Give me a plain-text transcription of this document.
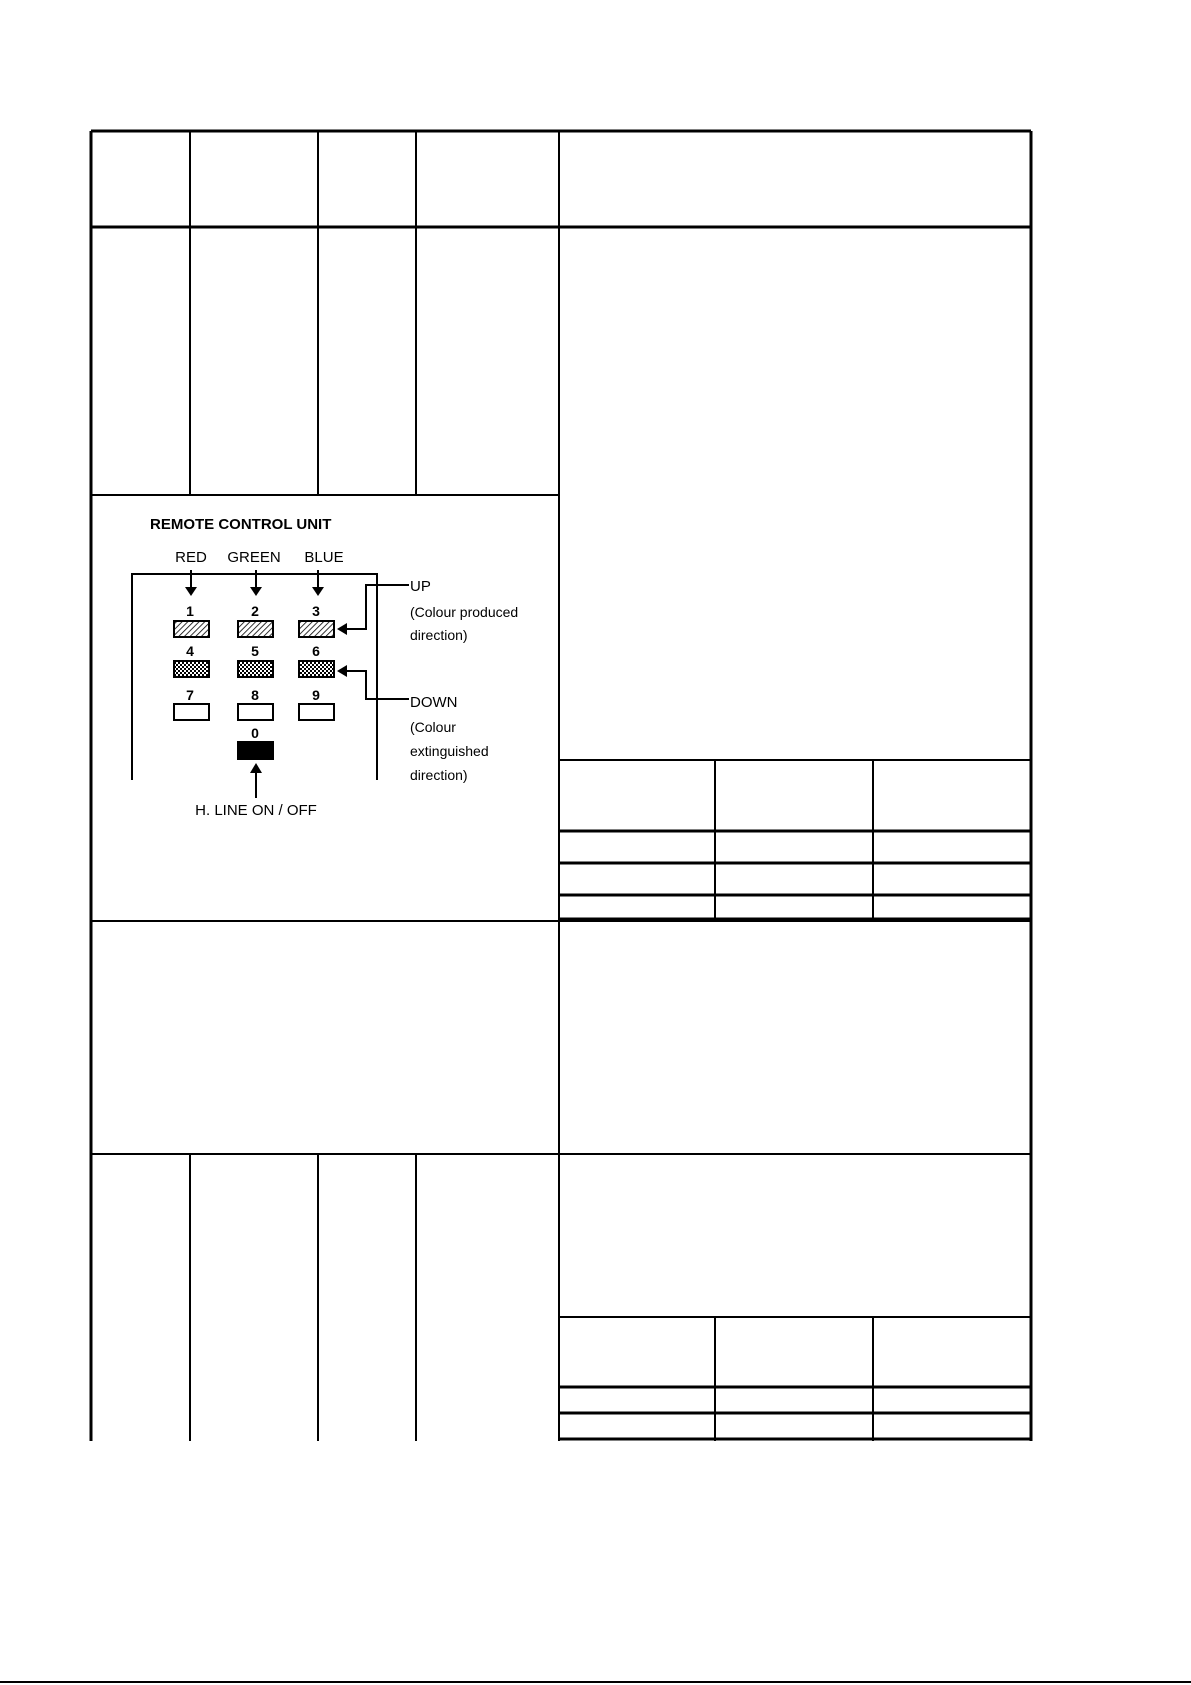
REMOTE CONTROL UNIT
RED GREEN BLUE
1	2	3
4	5	6
7	8	9
0
H. LINE ON / OFF
UP
(Colour produced
direction)
DOWN
(Colour
extinguished
direction)
